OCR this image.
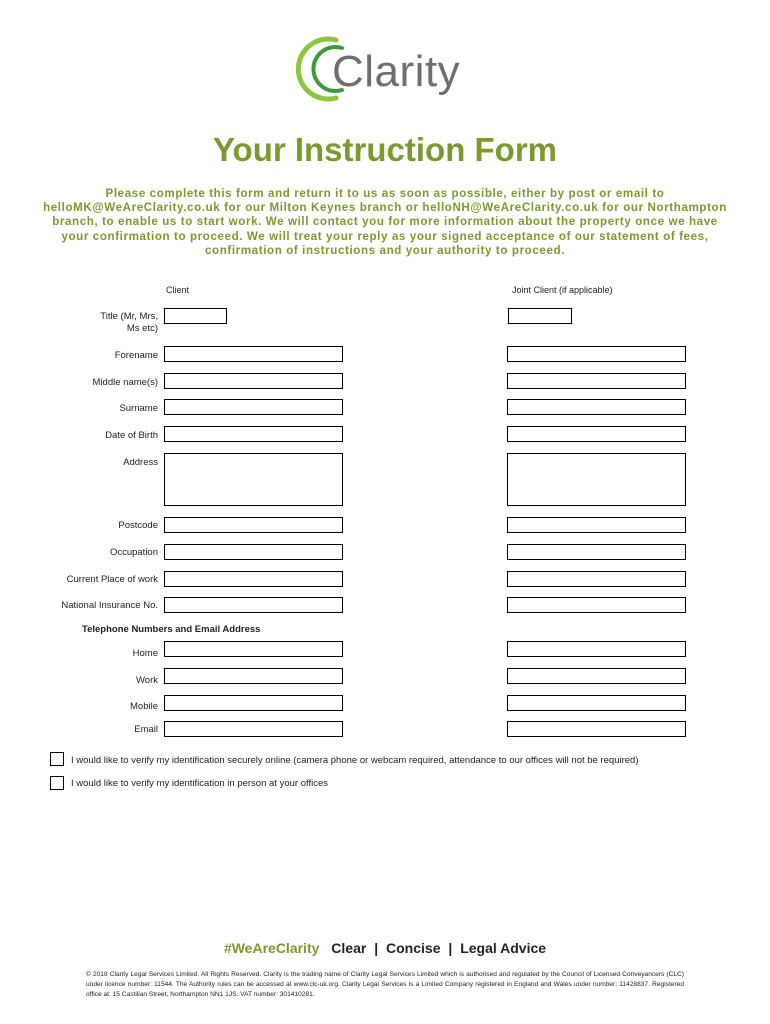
Clarity
Your Instruction Form
Please complete this form and return it to us as soon as possible, either by post or email to helloMK@WeAreClarity.co.uk for our Milton Keynes branch or helloNH@WeAreClarity.co.uk for our Northampton branch, to enable us to start work. We will contact you for more information about the property once we have your confirmation to proceed. We will treat your reply as your signed acceptance of our statement of fees, confirmation of instructions and your authority to proceed.
Client	Joint Client (if applicable)
Title (Mr, Mrs,
Ms etc)
Forename
Middle name(s)
Surname
Date of Birth
Address
Postcode
Occupation
Current Place of work
National Insurance No.
Telephone Numbers and Email Address
Home
Work
Mobile
Email
I would like to verify my identification securely online (camera phone or webcam required, attendance to our offices will not be required)
I would like to verify my identification in person at your offices
#WeAreClarity Clear | Concise | Legal Advice
© 2018 Clarity Legal Services Limited. All Rights Reserved. Clarity is the trading name of Clarity Legal Services Limited which is authorised and regulated by the Council of Licensed Conveyancers (CLC) under licence number: 11544. The Authority rules can be accessed at www.clc-uk.org. Clarity Legal Services is a Limited Company registered in England and Wales under number: 11428837. Registered office at: 15 Castilian Street, Northampton NN1 1JS. VAT number: 301410281.
